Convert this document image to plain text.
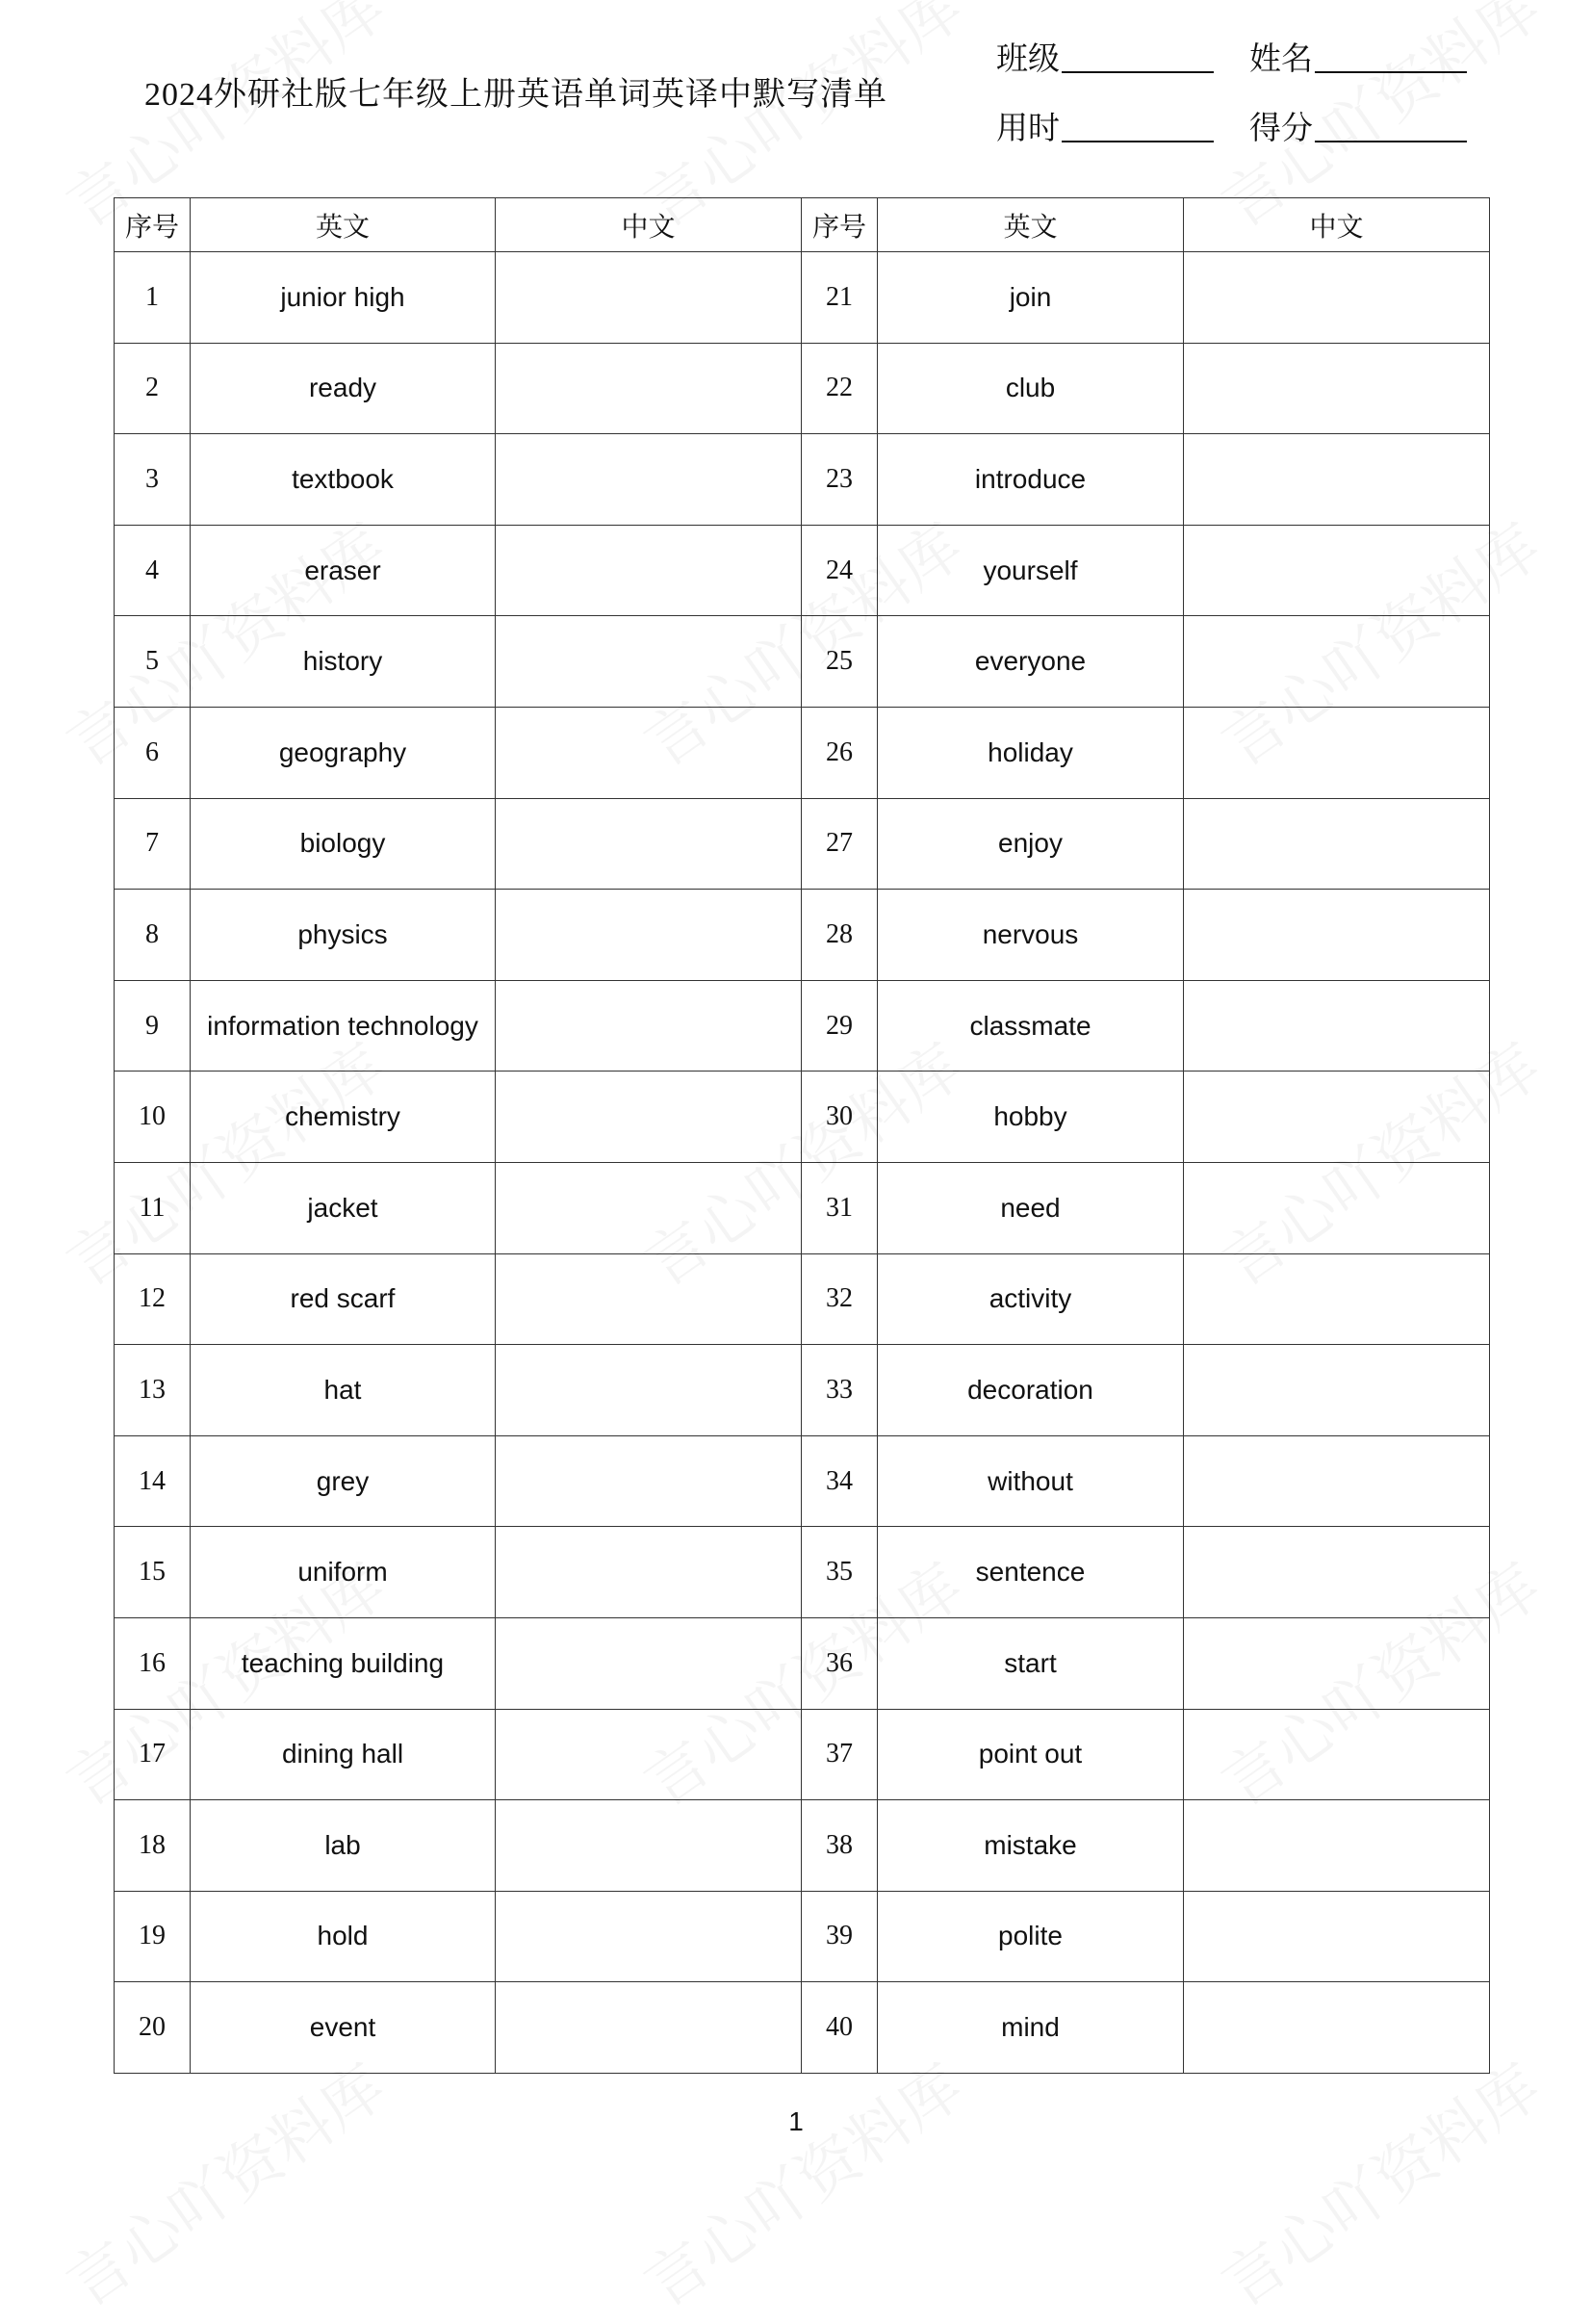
2024外研社版七年级上册英语单词英译中默写清单
班级	姓名
用时	得分
序号	英文	中文	序号	英文	中文
1	junior high		21	join	
2	ready		22	club	
3	textbook		23	introduce	
4	eraser		24	yourself	
5	history		25	everyone	
6	geography		26	holiday	
7	biology		27	enjoy	
8	physics		28	nervous	
9	information technology		29	classmate	
10	chemistry		30	hobby	
11	jacket		31	need	
12	red scarf		32	activity	
13	hat		33	decoration	
14	grey		34	without	
15	uniform		35	sentence	
16	teaching building		36	start	
17	dining hall		37	point out	
18	lab		38	mistake	
19	hold		39	polite	
20	event		40	mind	
1
